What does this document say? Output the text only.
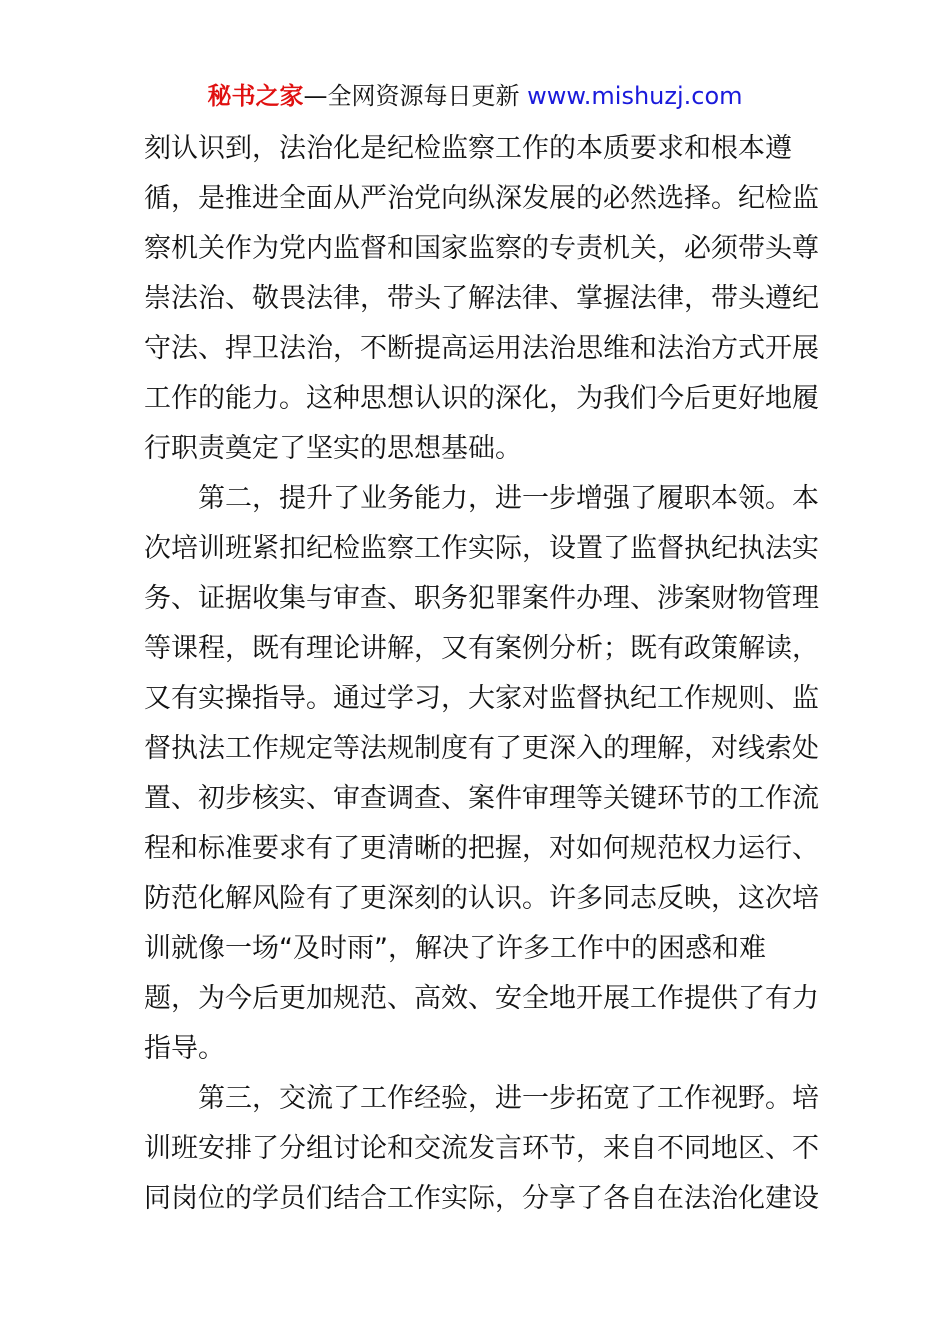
秘书之家—全网资源每日更新 www.mishuzj.com
刻认识到，法治化是纪检监察工作的本质要求和根本遵
循，是推进全面从严治党向纵深发展的必然选择。纪检监
察机关作为党内监督和国家监察的专责机关，必须带头尊
崇法治、敬畏法律，带头了解法律、掌握法律，带头遵纪
守法、捍卫法治，不断提高运用法治思维和法治方式开展
工作的能力。这种思想认识的深化，为我们今后更好地履
行职责奠定了坚实的思想基础。
　　第二，提升了业务能力，进一步增强了履职本领。本
次培训班紧扣纪检监察工作实际，设置了监督执纪执法实
务、证据收集与审查、职务犯罪案件办理、涉案财物管理
等课程，既有理论讲解，又有案例分析；既有政策解读，
又有实操指导。通过学习，大家对监督执纪工作规则、监
督执法工作规定等法规制度有了更深入的理解，对线索处
置、初步核实、审查调查、案件审理等关键环节的工作流
程和标准要求有了更清晰的把握，对如何规范权力运行、
防范化解风险有了更深刻的认识。许多同志反映，这次培
训就像一场“及时雨”，解决了许多工作中的困惑和难
题，为今后更加规范、高效、安全地开展工作提供了有力
指导。
　　第三，交流了工作经验，进一步拓宽了工作视野。培
训班安排了分组讨论和交流发言环节，来自不同地区、不
同岗位的学员们结合工作实际，分享了各自在法治化建设
